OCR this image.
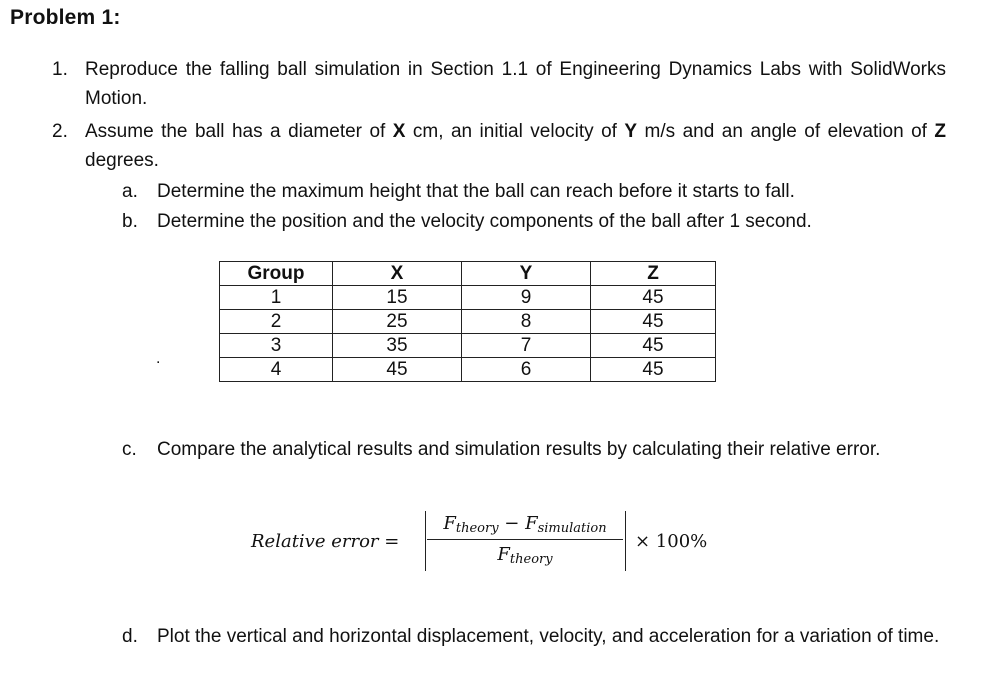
Problem 1:
1. Reproduce the falling ball simulation in Section 1.1 of Engineering Dynamics Labs with SolidWorks Motion.
2. Assume the ball has a diameter of X cm, an initial velocity of Y m/s and an angle of elevation of Z degrees.
a. Determine the maximum height that the ball can reach before it starts to fall.
b. Determine the position and the velocity components of the ball after 1 second.
Group	X	Y	Z
1	15	9	45
2	25	8	45
3	35	7	45
4	45	6	45
.
c. Compare the analytical results and simulation results by calculating their relative error.
Relative error =
$F_{theory} - F_{simulation}$
$F_{theory}$
× 100%
d. Plot the vertical and horizontal displacement, velocity, and acceleration for a variation of time.
